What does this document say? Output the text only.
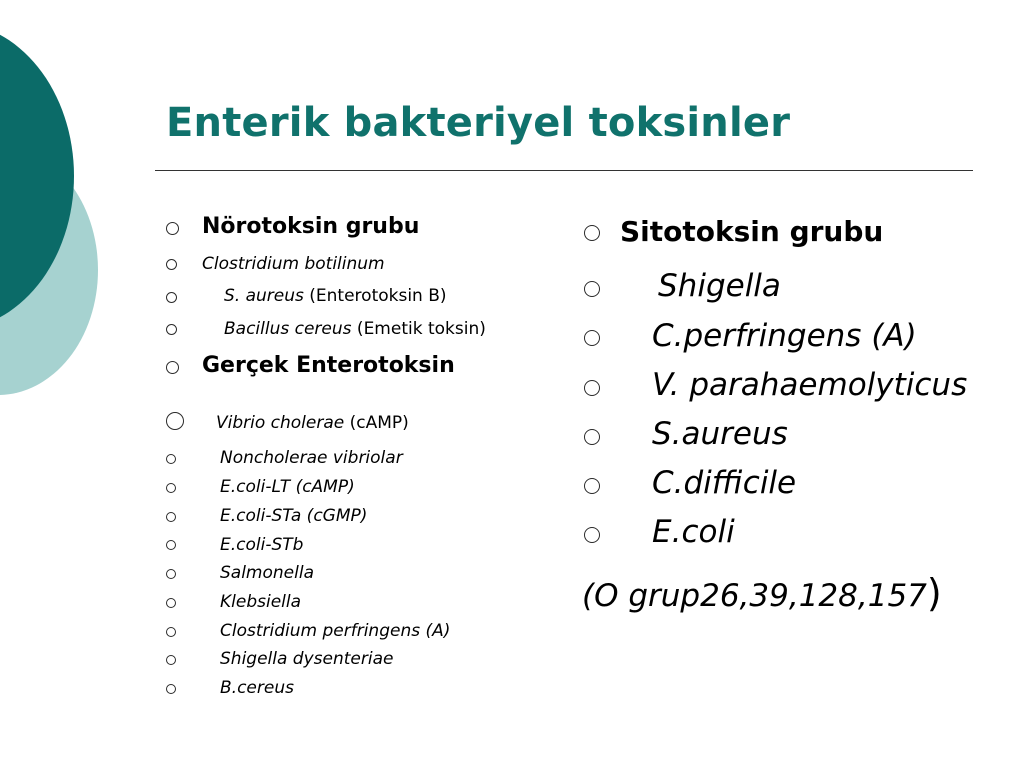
Enterik bakteriyel toksinler
Nörotoksin grubu
Clostridium botilinum
S. aureus (Enterotoksin B)
Bacillus cereus (Emetik toksin)
Gerçek Enterotoksin
Vibrio cholerae (cAMP)
Noncholerae vibriolar
E.coli-LT (cAMP)
E.coli-STa (cGMP)
E.coli-STb
Salmonella
Klebsiella
Clostridium perfringens (A)
Shigella dysenteriae
B.cereus
Sitotoksin grubu
Shigella
C.perfringens (A)
V. parahaemolyticus
S.aureus
C.difficile
E.coli
(O grup26,39,128,157)
